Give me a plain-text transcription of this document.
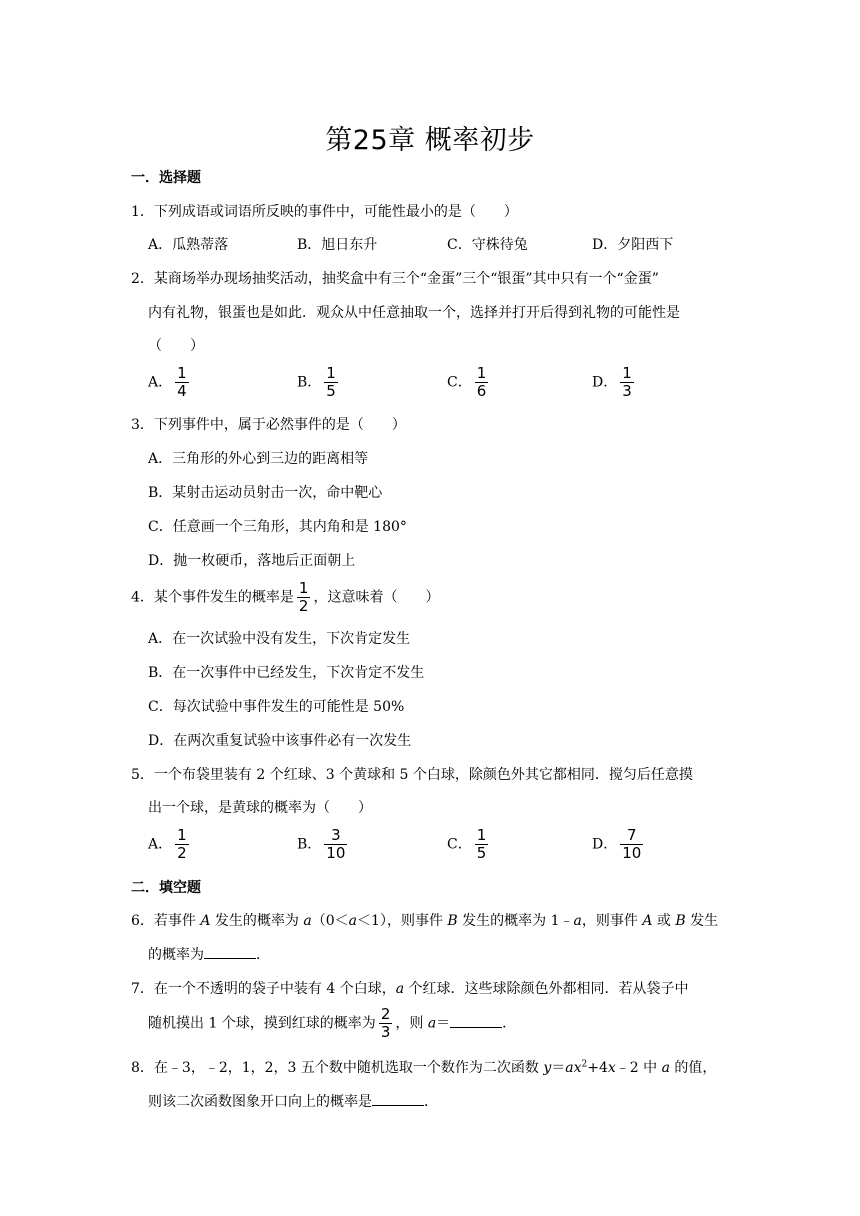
第25章 概率初步
一．选择题
1．下列成语或词语所反映的事件中，可能性最小的是（　　）
A．瓜熟蒂落	B．旭日东升	C．守株待兔	D．夕阳西下
2．某商场举办现场抽奖活动，抽奖盒中有三个“金蛋”三个“银蛋”其中只有一个“金蛋”
内有礼物，银蛋也是如此．观众从中任意抽取一个，选择并打开后得到礼物的可能性是
（　　）
A． $\frac{1}{4}$	B． $\frac{1}{5}$	C． $\frac{1}{6}$	D． $\frac{1}{3}$
3．下列事件中，属于必然事件的是（　　）
A．三角形的外心到三边的距离相等
B．某射击运动员射击一次，命中靶心
C．任意画一个三角形，其内角和是 180°
D．抛一枚硬币，落地后正面朝上
4．某个事件发生的概率是 $\frac{1}{2}$ ，这意味着（　　）
A．在一次试验中没有发生，下次肯定发生
B．在一次事件中已经发生，下次肯定不发生
C．每次试验中事件发生的可能性是 50%
D．在两次重复试验中该事件必有一次发生
5．一个布袋里装有 2 个红球、3 个黄球和 5 个白球，除颜色外其它都相同．搅匀后任意摸
出一个球，是黄球的概率为（　　）
A． $\frac{1}{2}$	B． $\frac{3}{10}$	C． $\frac{1}{5}$	D． $\frac{7}{10}$
二．填空题
6．若事件 A 发生的概率为 a（0＜a＜1），则事件 B 发生的概率为 1﹣a，则事件 A 或 B 发生
的概率为	．
7．在一个不透明的袋子中装有 4 个白球，a 个红球．这些球除颜色外都相同．若从袋子中
随机摸出 1 个球，摸到红球的概率为 $\frac{2}{3}$ ，则 a＝	．
8．在﹣3，﹣2，1，2，3 五个数中随机选取一个数作为二次函数 $y=ax^2+4x﹣2$ 中 a 的值，
则该二次函数图象开口向上的概率是	．
